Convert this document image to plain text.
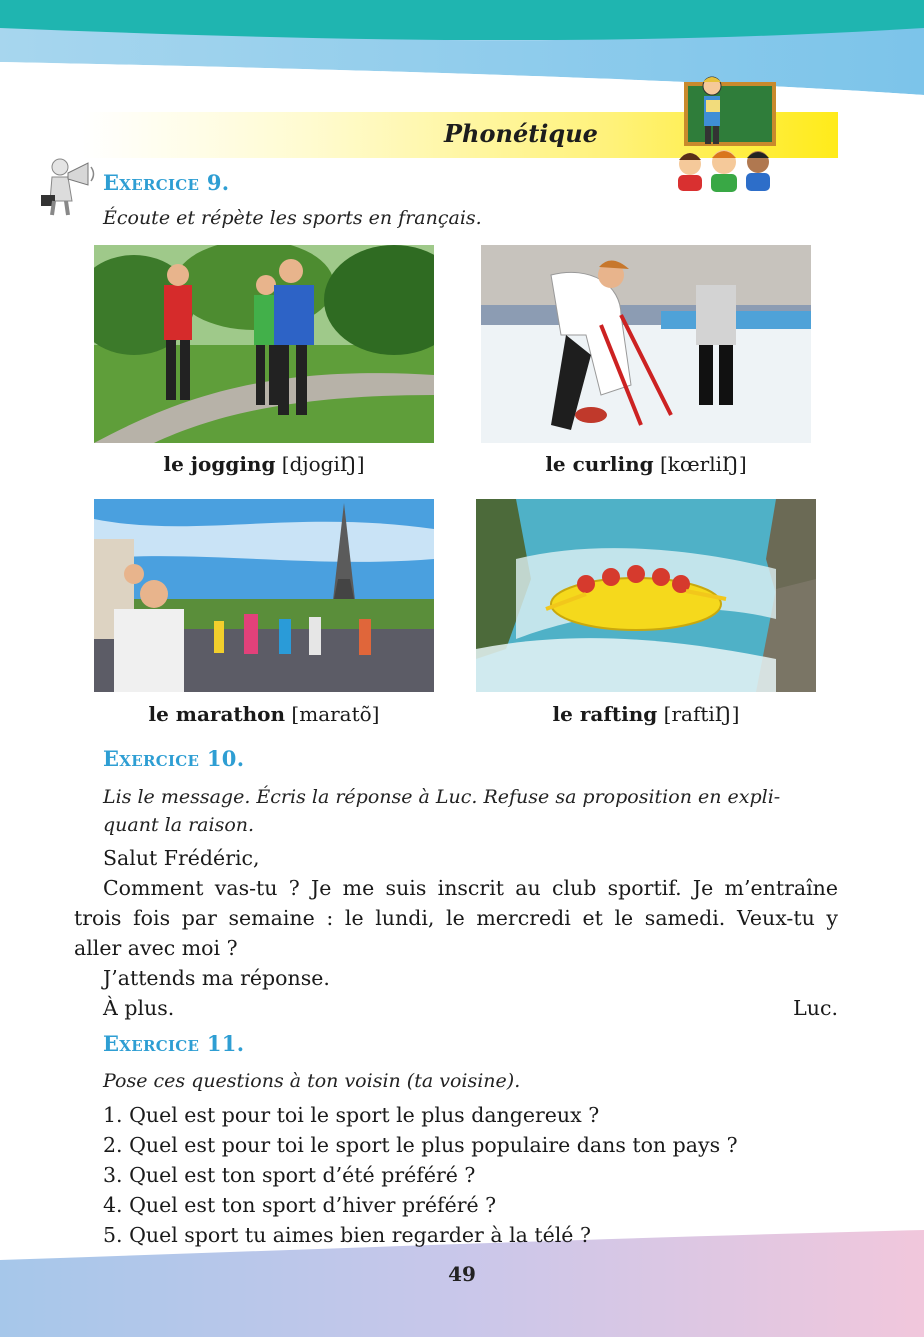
Phonétique
Exercice 9.
Écoute et répète les sports en français.
le jogging [djogiŊ]	le curling [kœrliŊ]
le marathon [maratõ]	le rafting [raftiŊ]
Exercice 10.
Lis le message. Écris la réponse à Luc. Refuse sa proposition en expli-
quant la raison.
Salut Frédéric,
Comment vas-tu ? Je me suis inscrit au club sportif. Je m’entraîne
trois fois par semaine : le lundi, le mercredi et le samedi. Veux-tu y
aller avec moi ?
J’attends ma réponse.
À plus.	Luc.
Exercice 11.
Pose ces questions à ton voisin (ta voisine).
1. Quel est pour toi le sport le plus dangereux ?
2. Quel est pour toi le sport le plus populaire dans ton pays ?
3. Quel est ton sport d’été préféré ?
4. Quel est ton sport d’hiver préféré ?
5. Quel sport tu aimes bien regarder à la télé ?
49
